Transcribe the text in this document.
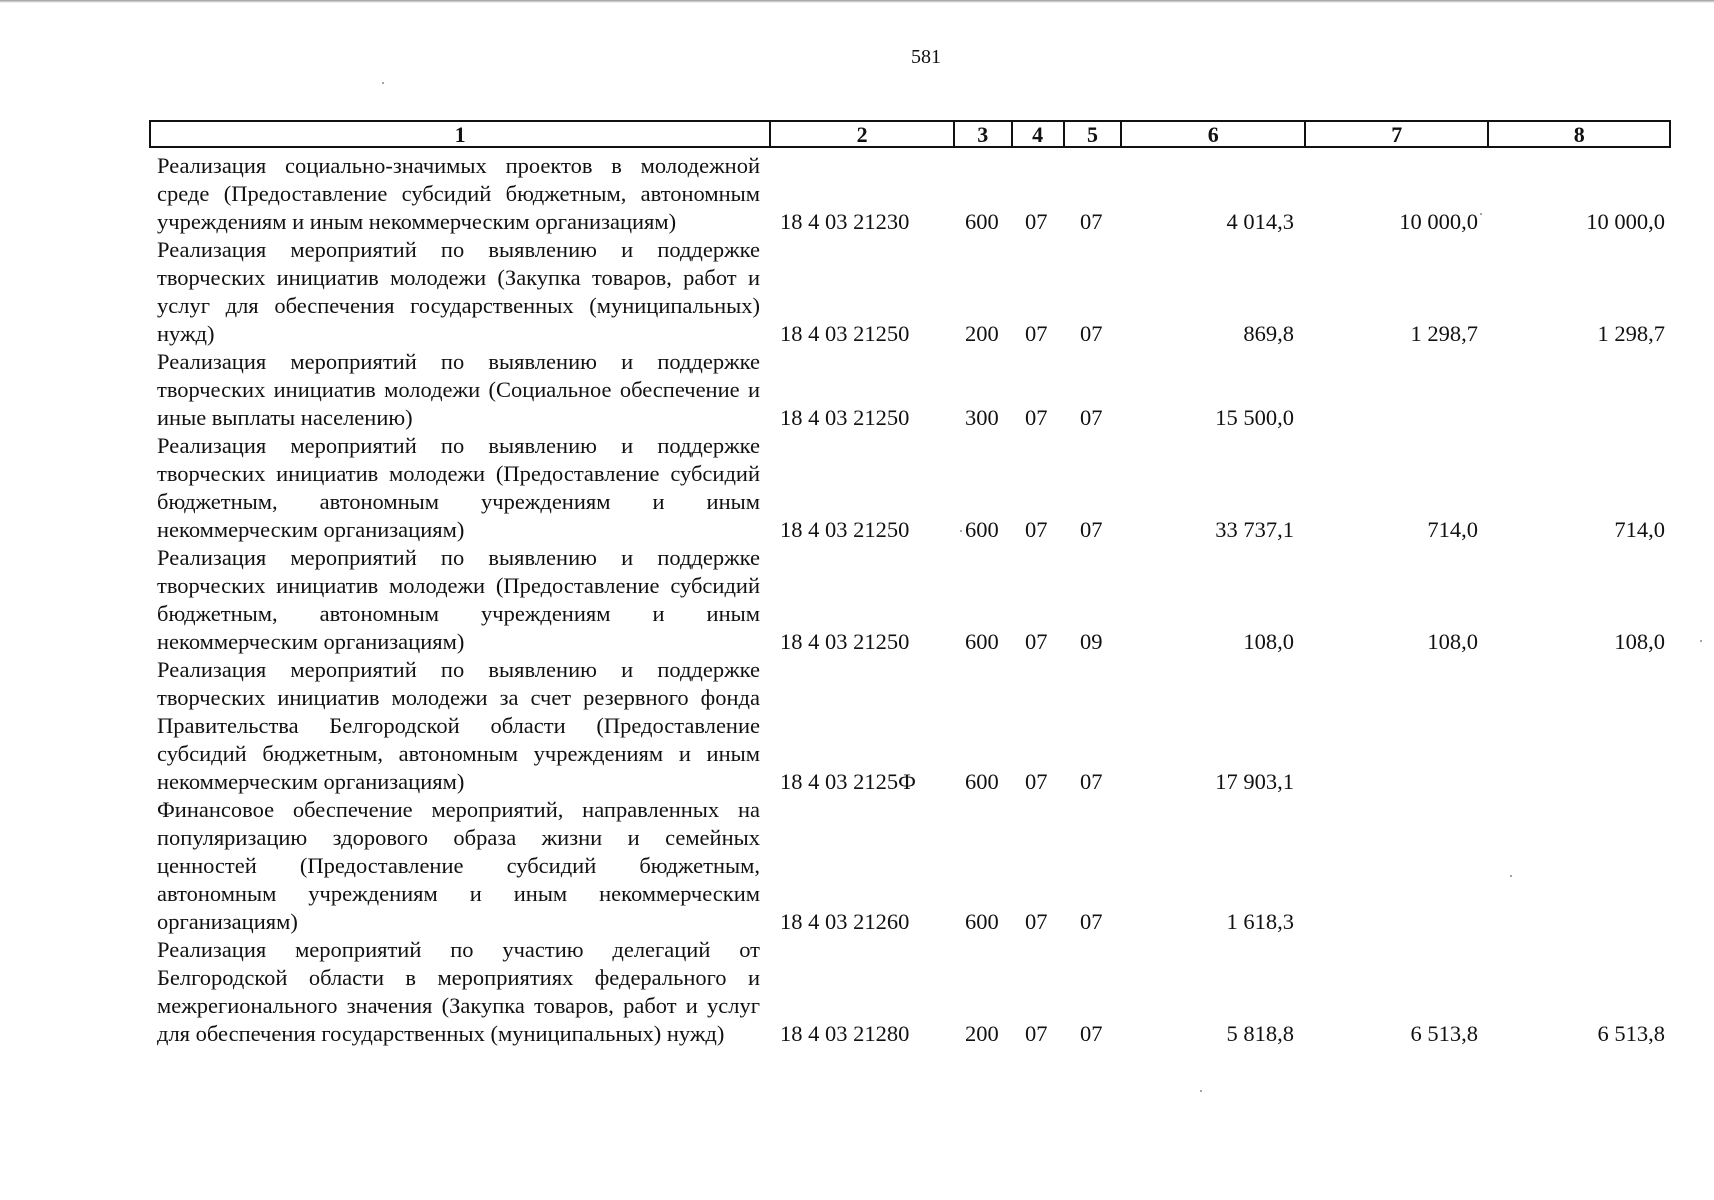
581
1	2	3	4	5	6	7	8
Реализация социально-значимых проектов в молодежной среде (Предоставление субсидий бюджетным, автономным учреждениям и иным некоммерческим организациям)	18 4 03 21230 600 07 07	4 014,3	10 000,0	10 000,0
Реализация мероприятий по выявлению и поддержке творческих инициатив молодежи (Закупка товаров, работ и услуг для обеспечения государственных (муниципальных) нужд)	18 4 03 21250 200 07 07	869,8	1 298,7	1 298,7
Реализация мероприятий по выявлению и поддержке творческих инициатив молодежи (Социальное обеспечение и иные выплаты населению)	18 4 03 21250 300 07 07	15 500,0
Реализация мероприятий по выявлению и поддержке творческих инициатив молодежи (Предоставление субсидий бюджетным, автономным учреждениям и иным некоммерческим организациям)	18 4 03 21250 600 07 07	33 737,1	714,0	714,0
Реализация мероприятий по выявлению и поддержке творческих инициатив молодежи (Предоставление субсидий бюджетным, автономным учреждениям и иным некоммерческим организациям)	18 4 03 21250 600 07 09	108,0	108,0	108,0
Реализация мероприятий по выявлению и поддержке творческих инициатив молодежи за счет резервного фонда Правительства Белгородской области (Предоставление субсидий бюджетным, автономным учреждениям и иным некоммерческим организациям)	18 4 03 2125Ф 600 07 07	17 903,1
Финансовое обеспечение мероприятий, направленных на популяризацию здорового образа жизни и семейных ценностей (Предоставление субсидий бюджетным, автономным учреждениям и иным некоммерческим организациям)	18 4 03 21260 600 07 07	1 618,3
Реализация мероприятий по участию делегаций от Белгородской области в мероприятиях федерального и межрегионального значения (Закупка товаров, работ и услуг для обеспечения государственных (муниципальных) нужд)	18 4 03 21280 200 07 07	5 818,8	6 513,8	6 513,8
